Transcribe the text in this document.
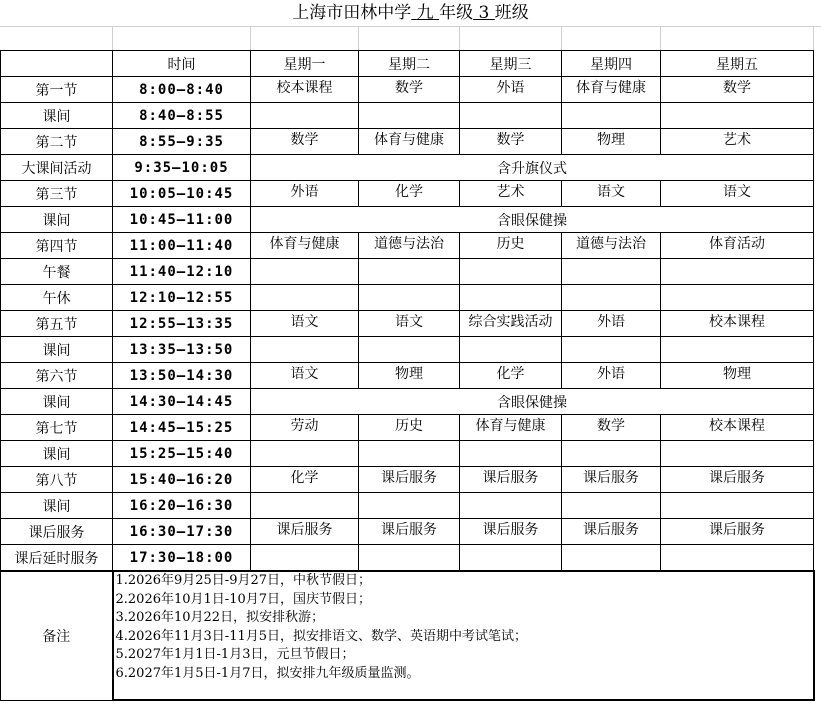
上海市田林中学 九 年级 3 班级
	时间	星期一	星期二	星期三	星期四	星期五
第一节	8:00—8:40	校本课程	数学	外语	体育与健康	数学
课间	8:40—8:55					
第二节	8:55—9:35	数学	体育与健康	数学	物理	艺术
大课间活动	9:35—10:05	含升旗仪式				
第三节	10:05—10:45	外语	化学	艺术	语文	语文
课间	10:45—11:00	含眼保健操				
第四节	11:00—11:40	体育与健康	道德与法治	历史	道德与法治	体育活动
午餐	11:40—12:10					
午休	12:10—12:55					
第五节	12:55—13:35	语文	语文	综合实践活动	外语	校本课程
课间	13:35—13:50					
第六节	13:50—14:30	语文	物理	化学	外语	物理
课间	14:30—14:45	含眼保健操				
第七节	14:45—15:25	劳动	历史	体育与健康	数学	校本课程
课间	15:25—15:40					
第八节	15:40—16:20	化学	课后服务	课后服务	课后服务	课后服务
课间	16:20—16:30					
课后服务	16:30—17:30	课后服务	课后服务	课后服务	课后服务	课后服务
课后延时服务	17:30—18:00					
备注	
1.2026年9月25日-9月27日，中秋节假日；
2.2026年10月1日-10月7日，国庆节假日；
3.2026年10月22日，拟安排秋游；
4.2026年11月3日-11月5日，拟安排语文、数学、英语期中考试笔试；
5.2027年1月1日-1月3日，元旦节假日；
6.2027年1月5日-1月7日，拟安排九年级质量监测。
